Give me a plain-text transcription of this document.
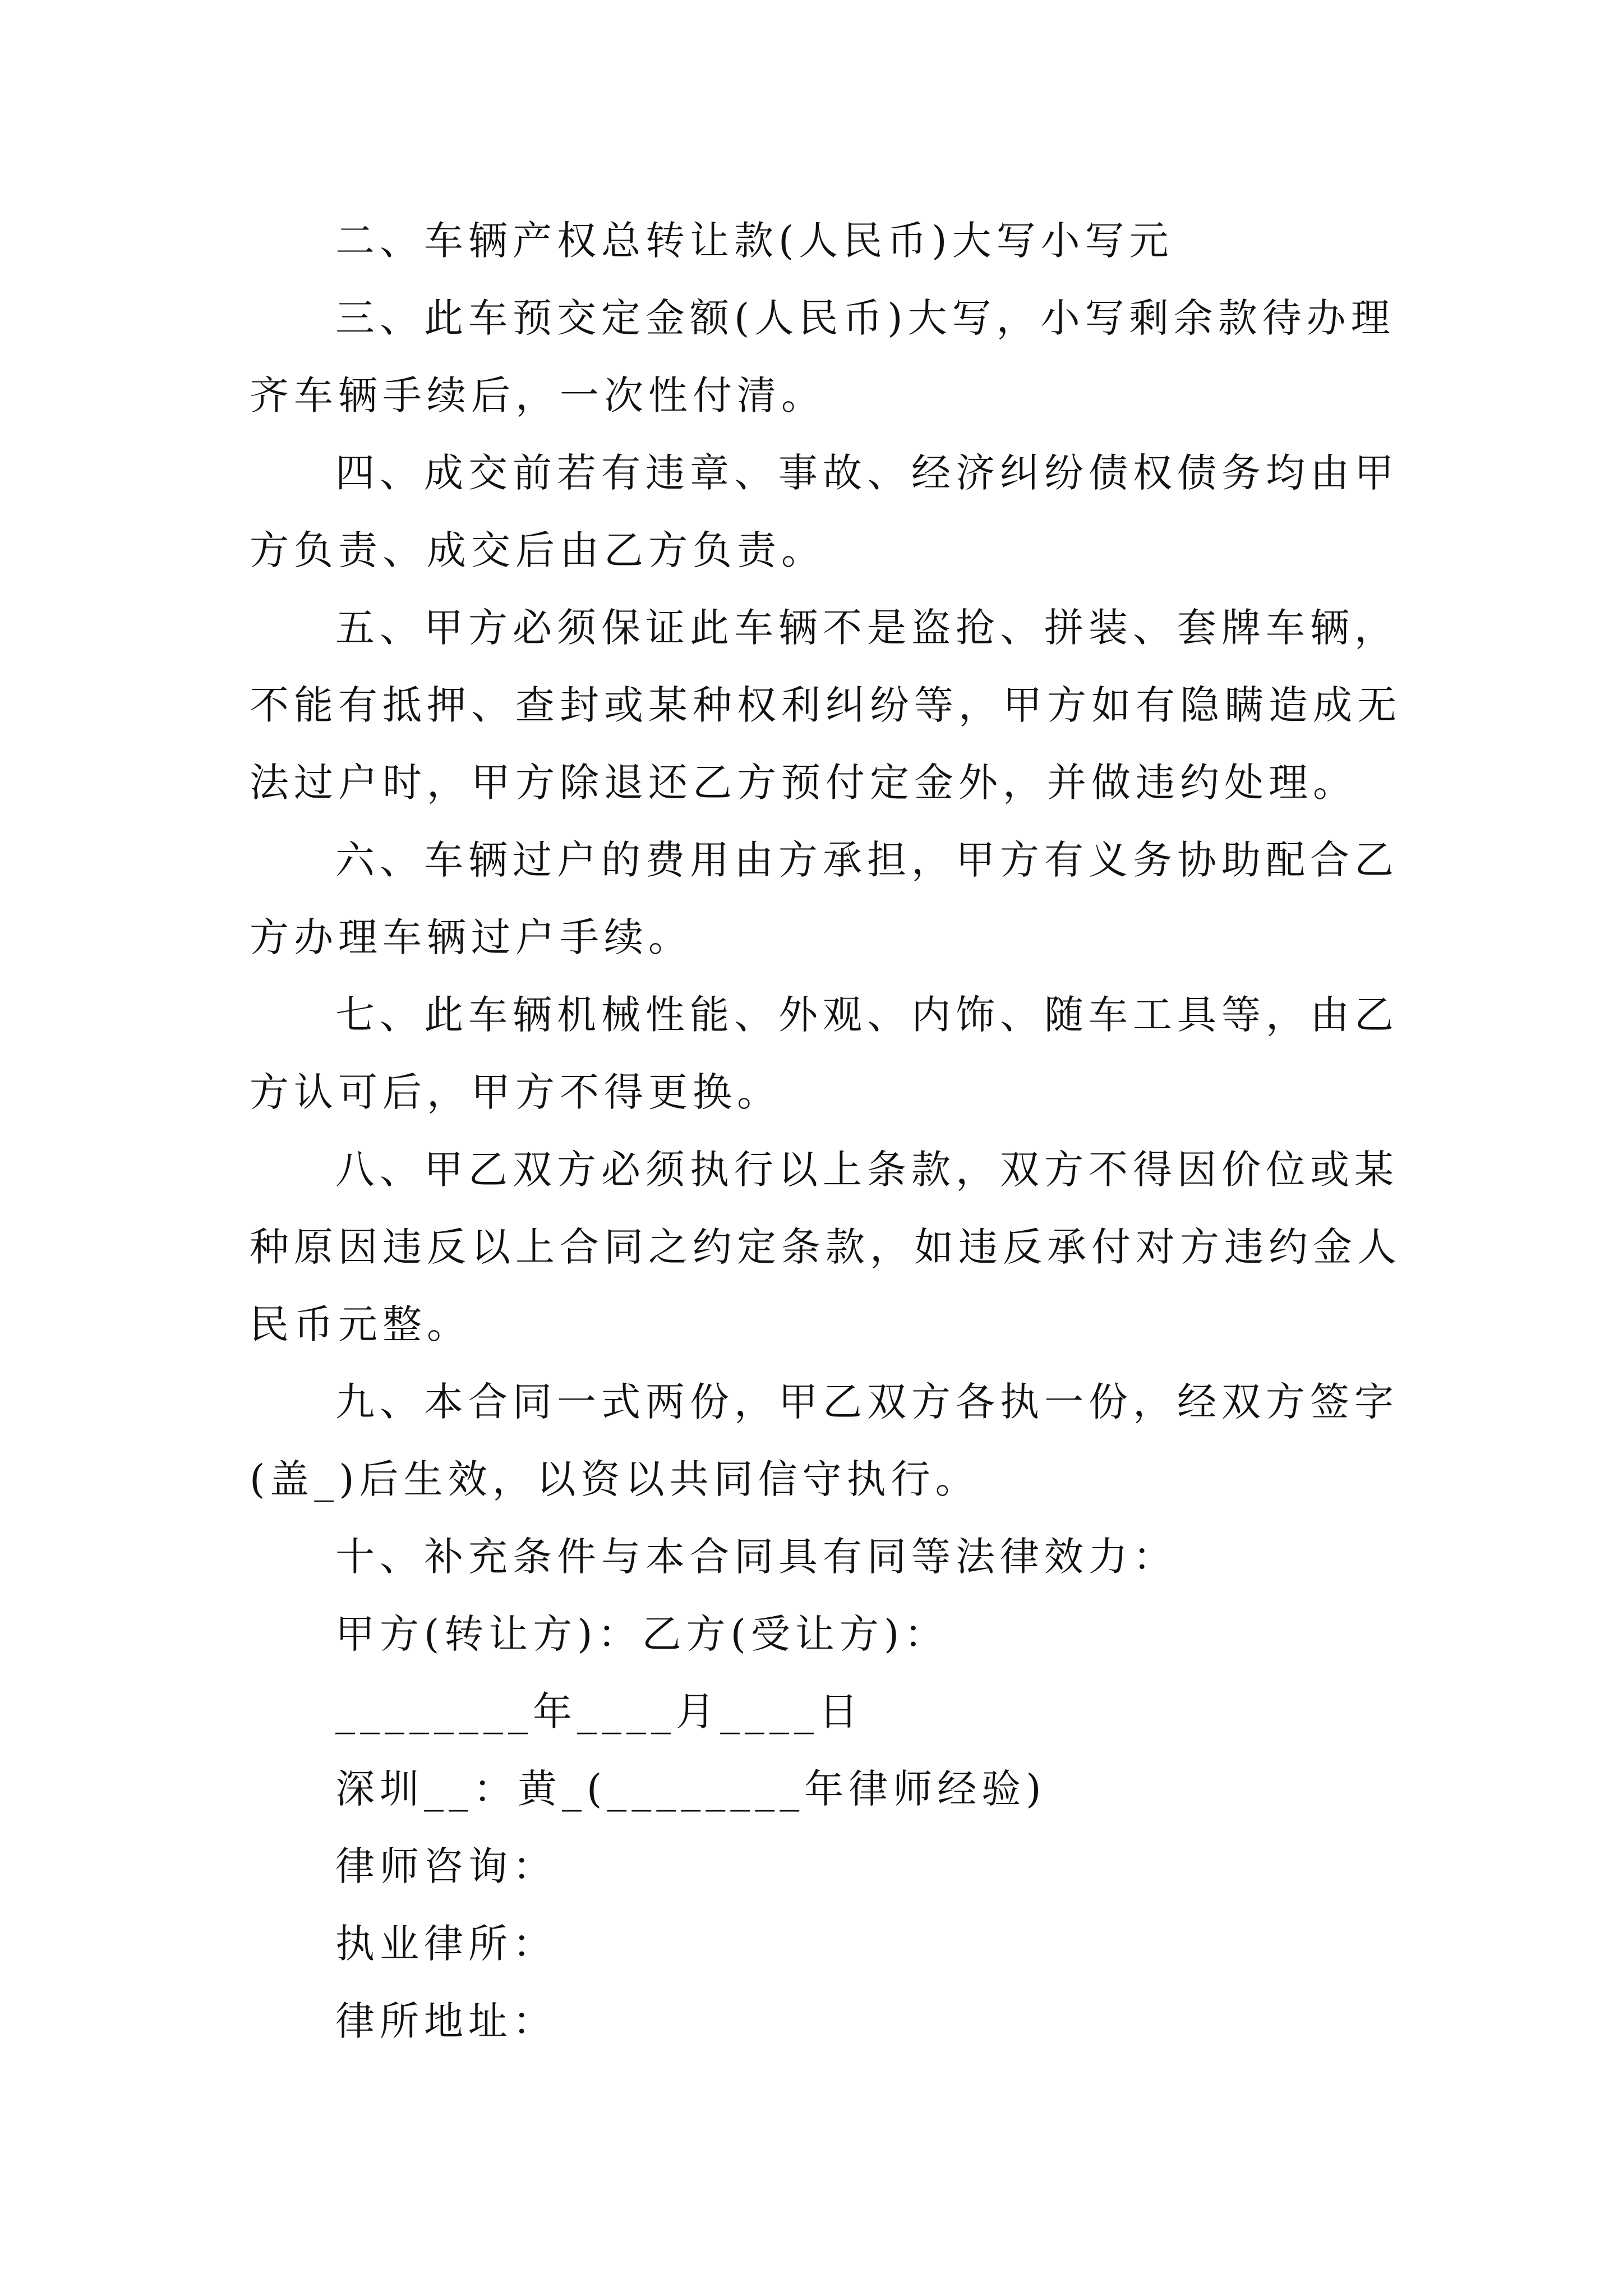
二、车辆产权总转让款(人民币)大写小写元
三、此车预交定金额(人民币)大写，小写剩余款待办理
齐车辆手续后，一次性付清。
四、成交前若有违章、事故、经济纠纷债权债务均由甲
方负责、成交后由乙方负责。
五、甲方必须保证此车辆不是盗抢、拼装、套牌车辆，
不能有抵押、查封或某种权利纠纷等，甲方如有隐瞒造成无
法过户时，甲方除退还乙方预付定金外，并做违约处理。
六、车辆过户的费用由方承担，甲方有义务协助配合乙
方办理车辆过户手续。
七、此车辆机械性能、外观、内饰、随车工具等，由乙
方认可后，甲方不得更换。
八、甲乙双方必须执行以上条款，双方不得因价位或某
种原因违反以上合同之约定条款，如违反承付对方违约金人
民币元整。
九、本合同一式两份，甲乙双方各执一份，经双方签字
(盖_)后生效，以资以共同信守执行。
十、补充条件与本合同具有同等法律效力：
甲方(转让方)：乙方(受让方)：
________年____月____日
深圳__：黄_(________年律师经验)
律师咨询：
执业律所：
律所地址：
